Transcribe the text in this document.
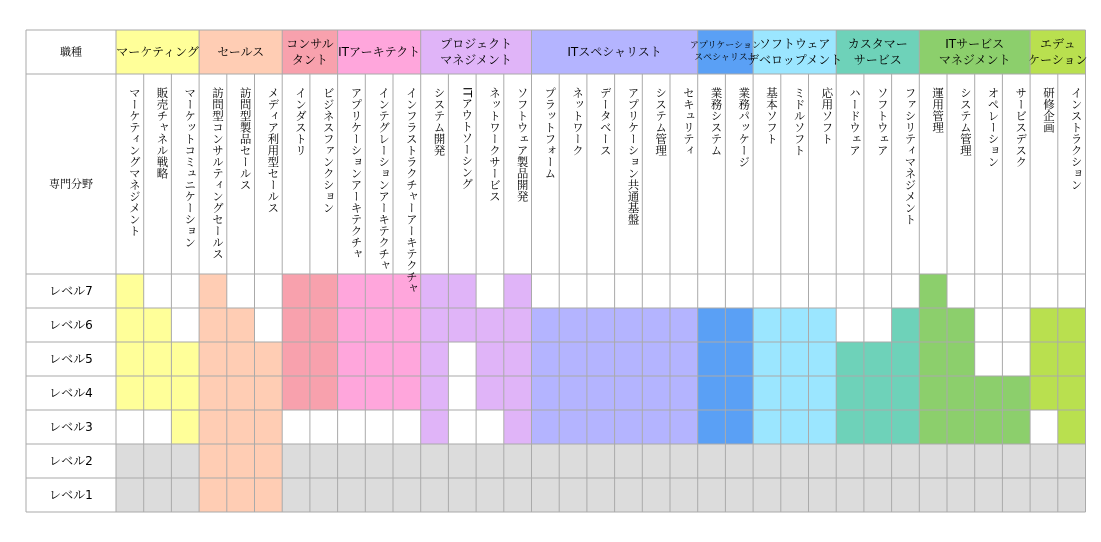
マーケティング セールス
コンサル
タント
ITアーキテクト
プロジェクト
マネジメント
ITスペシャリスト	アプリケーション
スペシャリスト
ソフトウェア
デベロップメント
カスタマー
サービス
ITサービス
マネジメント
エデュ
ケーション
マーケティングマネジメント 販売チャネル戦略 マーケットコミュニケーション 訪問型コンサルティングセールス 訪問型製品セールス メディア利用型セールス インダストリ ビジネスファンクション アプリケーションアーキテクチャ インテグレーションアーキテクチャ インフラストラクチャーアーキテクチャ システム開発 ITアウトソーシング ネットワークサービス ソフトウェア製品開発 プラットフォーム ネットワーク データベース アプリケーション共通基盤 システム管理 セキュリティ 業務システム 業務パッケージ 基本ソフト ミドルソフト 応用ソフト ハードウェア ソフトウェア ファシリティマネジメント 運用管理 システム管理 オペレーション サービスデスク 研修企画 インストラクション
職種
専門分野
レベル7
レベル6
レベル5
レベル4
レベル3
レベル2
レベル1
